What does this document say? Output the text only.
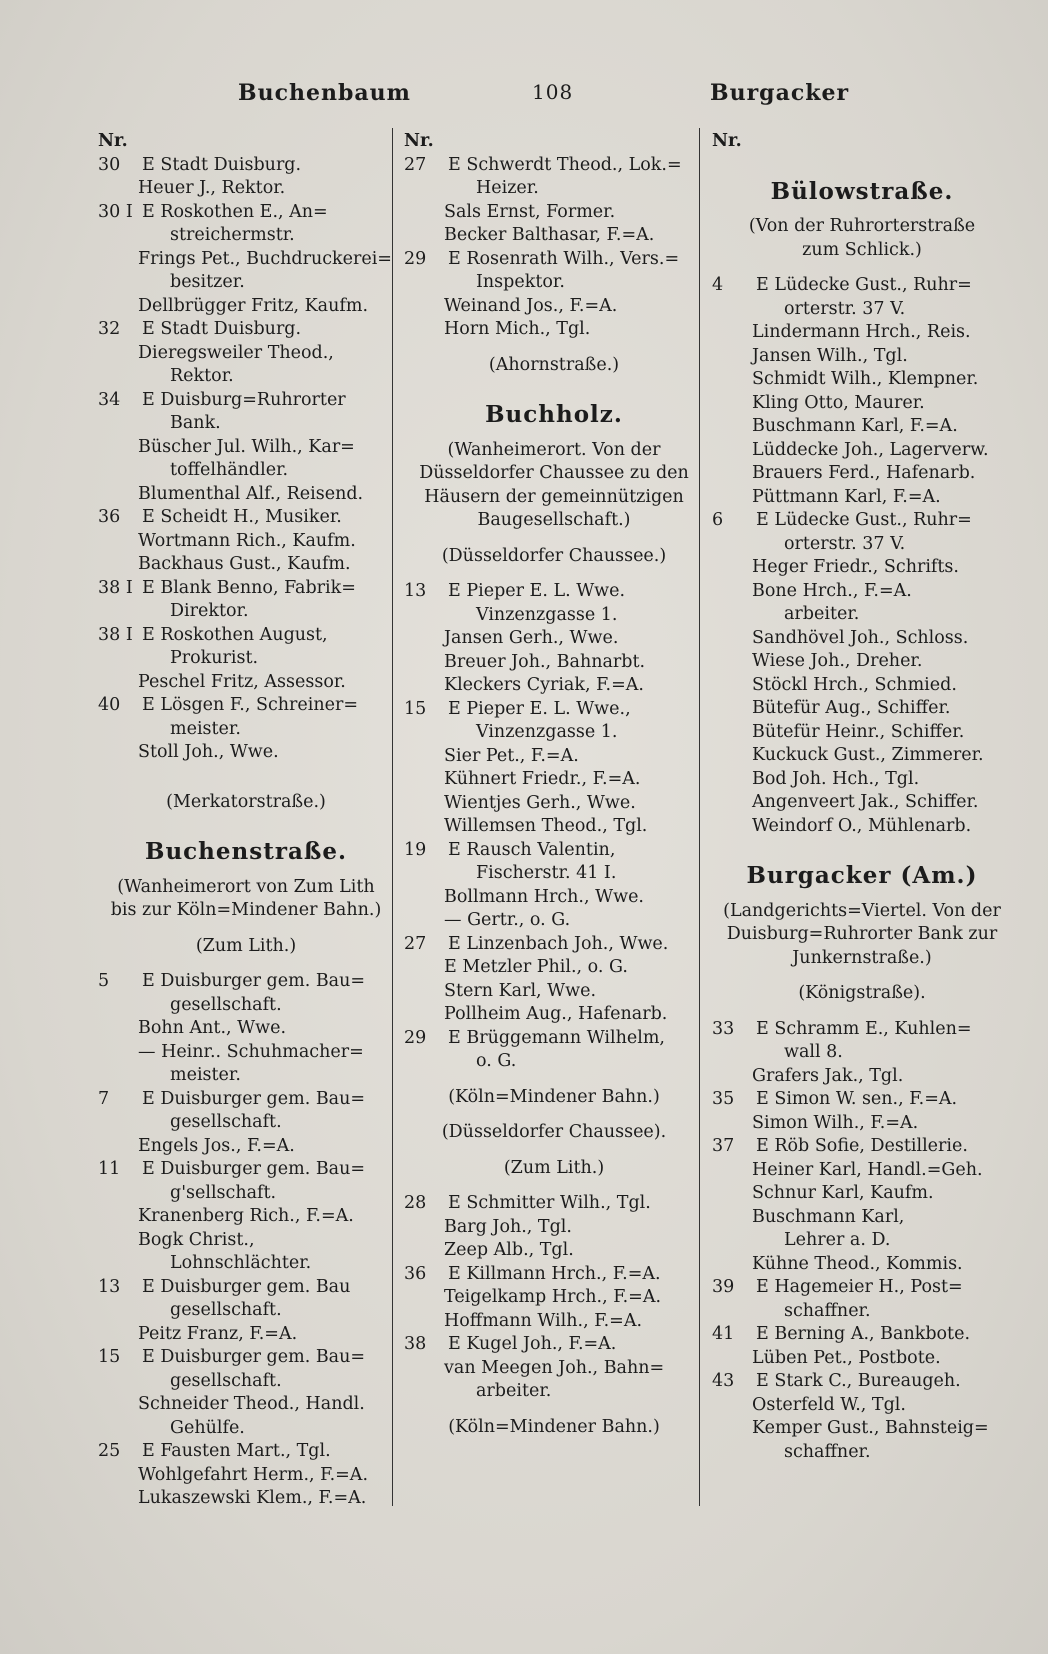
Buchenbaum	108	Burgacker
Nr.
30	E Stadt Duisburg.
Heuer J., Rektor.
30 I E Roskothen E., An=
streichermstr.
Frings Pet., Buchdruckerei=
besitzer.
Dellbrügger Fritz, Kaufm.
32	E Stadt Duisburg.
Dieregsweiler Theod.,
Rektor.
34	E Duisburg=Ruhrorter
Bank.
Büscher Jul. Wilh., Kar=
toffelhändler.
Blumenthal Alf., Reisend.
36	E Scheidt H., Musiker.
Wortmann Rich., Kaufm.
Backhaus Gust., Kaufm.
38 I E Blank Benno, Fabrik=
Direktor.
38 I E Roskothen August,
Prokurist.
Peschel Fritz, Assessor.
40	E Lösgen F., Schreiner=
meister.
Stoll Joh., Wwe.
(Merkatorstraße.)
Buchenstraße.
(Wanheimerort von Zum Lith
bis zur Köln=Mindener Bahn.)
(Zum Lith.)
5	E Duisburger gem. Bau=
gesellschaft.
Bohn Ant., Wwe.
— Heinr.. Schuhmacher=
meister.
7	E Duisburger gem. Bau=
gesellschaft.
Engels Jos., F.=A.
11	E Duisburger gem. Bau=
g'sellschaft.
Kranenberg Rich., F.=A.
Bogk Christ.,
Lohnschlächter.
13	E Duisburger gem. Bau
gesellschaft.
Peitz Franz, F.=A.
15	E Duisburger gem. Bau=
gesellschaft.
Schneider Theod., Handl.
Gehülfe.
25	E Fausten Mart., Tgl.
Wohlgefahrt Herm., F.=A.
Lukaszewski Klem., F.=A.
Nr.
27	E Schwerdt Theod., Lok.=
Heizer.
Sals Ernst, Former.
Becker Balthasar, F.=A.
29	E Rosenrath Wilh., Vers.=
Inspektor.
Weinand Jos., F.=A.
Horn Mich., Tgl.
(Ahornstraße.)
Buchholz.
(Wanheimerort. Von der
Düsseldorfer Chaussee zu den
Häusern der gemeinnützigen
Baugesellschaft.)
(Düsseldorfer Chaussee.)
13	E Pieper E. L. Wwe.
Vinzenzgasse 1.
Jansen Gerh., Wwe.
Breuer Joh., Bahnarbt.
Kleckers Cyriak, F.=A.
15	E Pieper E. L. Wwe.,
Vinzenzgasse 1.
Sier Pet., F.=A.
Kühnert Friedr., F.=A.
Wientjes Gerh., Wwe.
Willemsen Theod., Tgl.
19	E Rausch Valentin,
Fischerstr. 41 I.
Bollmann Hrch., Wwe.
— Gertr., o. G.
27	E Linzenbach Joh., Wwe.
E Metzler Phil., o. G.
Stern Karl, Wwe.
Pollheim Aug., Hafenarb.
29	E Brüggemann Wilhelm,
o. G.
(Köln=Mindener Bahn.)
(Düsseldorfer Chaussee).
(Zum Lith.)
28	E Schmitter Wilh., Tgl.
Barg Joh., Tgl.
Zeep Alb., Tgl.
36	E Killmann Hrch., F.=A.
Teigelkamp Hrch., F.=A.
Hoffmann Wilh., F.=A.
38	E Kugel Joh., F.=A.
van Meegen Joh., Bahn=
arbeiter.
(Köln=Mindener Bahn.)
Nr.
Bülowstraße.
(Von der Ruhrorterstraße
zum Schlick.)
4	E Lüdecke Gust., Ruhr=
orterstr. 37 V.
Lindermann Hrch., Reis.
Jansen Wilh., Tgl.
Schmidt Wilh., Klempner.
Kling Otto, Maurer.
Buschmann Karl, F.=A.
Lüddecke Joh., Lagerverw.
Brauers Ferd., Hafenarb.
Püttmann Karl, F.=A.
6	E Lüdecke Gust., Ruhr=
orterstr. 37 V.
Heger Friedr., Schrifts.
Bone Hrch., F.=A.
arbeiter.
Sandhövel Joh., Schloss.
Wiese Joh., Dreher.
Stöckl Hrch., Schmied.
Bütefür Aug., Schiffer.
Bütefür Heinr., Schiffer.
Kuckuck Gust., Zimmerer.
Bod Joh. Hch., Tgl.
Angenveert Jak., Schiffer.
Weindorf O., Mühlenarb.
Burgacker (Am.)
(Landgerichts=Viertel. Von der
Duisburg=Ruhrorter Bank zur
Junkernstraße.)
(Königstraße).
33	E Schramm E., Kuhlen=
wall 8.
Grafers Jak., Tgl.
35	E Simon W. sen., F.=A.
Simon Wilh., F.=A.
37	E Röb Sofie, Destillerie.
Heiner Karl, Handl.=Geh.
Schnur Karl, Kaufm.
Buschmann Karl,
Lehrer a. D.
Kühne Theod., Kommis.
39	E Hagemeier H., Post=
schaffner.
41	E Berning A., Bankbote.
Lüben Pet., Postbote.
43	E Stark C., Bureaugeh.
Osterfeld W., Tgl.
Kemper Gust., Bahnsteig=
schaffner.
